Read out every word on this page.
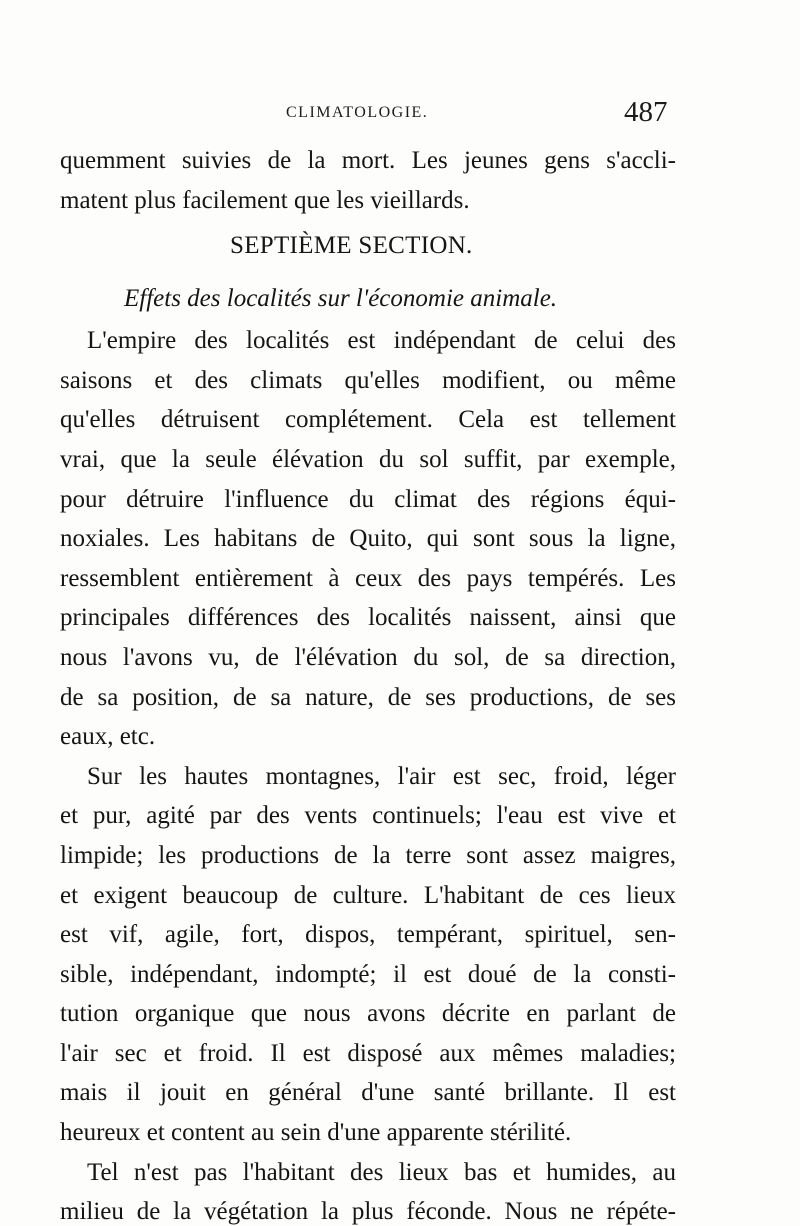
CLIMATOLOGIE.	487
quemment suivies de la mort. Les jeunes gens s'accli-
matent plus facilement que les vieillards.
SEPTIÈME SECTION.
Effets des localités sur l'économie animale.
L'empire des localités est indépendant de celui des
saisons et des climats qu'elles modifient, ou même
qu'elles détruisent complétement. Cela est tellement
vrai, que la seule élévation du sol suffit, par exemple,
pour détruire l'influence du climat des régions équi-
noxiales. Les habitans de Quito, qui sont sous la ligne,
ressemblent entièrement à ceux des pays tempérés. Les
principales différences des localités naissent, ainsi que
nous l'avons vu, de l'élévation du sol, de sa direction,
de sa position, de sa nature, de ses productions, de ses
eaux, etc.
Sur les hautes montagnes, l'air est sec, froid, léger
et pur, agité par des vents continuels; l'eau est vive et
limpide; les productions de la terre sont assez maigres,
et exigent beaucoup de culture. L'habitant de ces lieux
est vif, agile, fort, dispos, tempérant, spirituel, sen-
sible, indépendant, indompté; il est doué de la consti-
tution organique que nous avons décrite en parlant de
l'air sec et froid. Il est disposé aux mêmes maladies;
mais il jouit en général d'une santé brillante. Il est
heureux et content au sein d'une apparente stérilité.
Tel n'est pas l'habitant des lieux bas et humides, au
milieu de la végétation la plus féconde. Nous ne répéte-
